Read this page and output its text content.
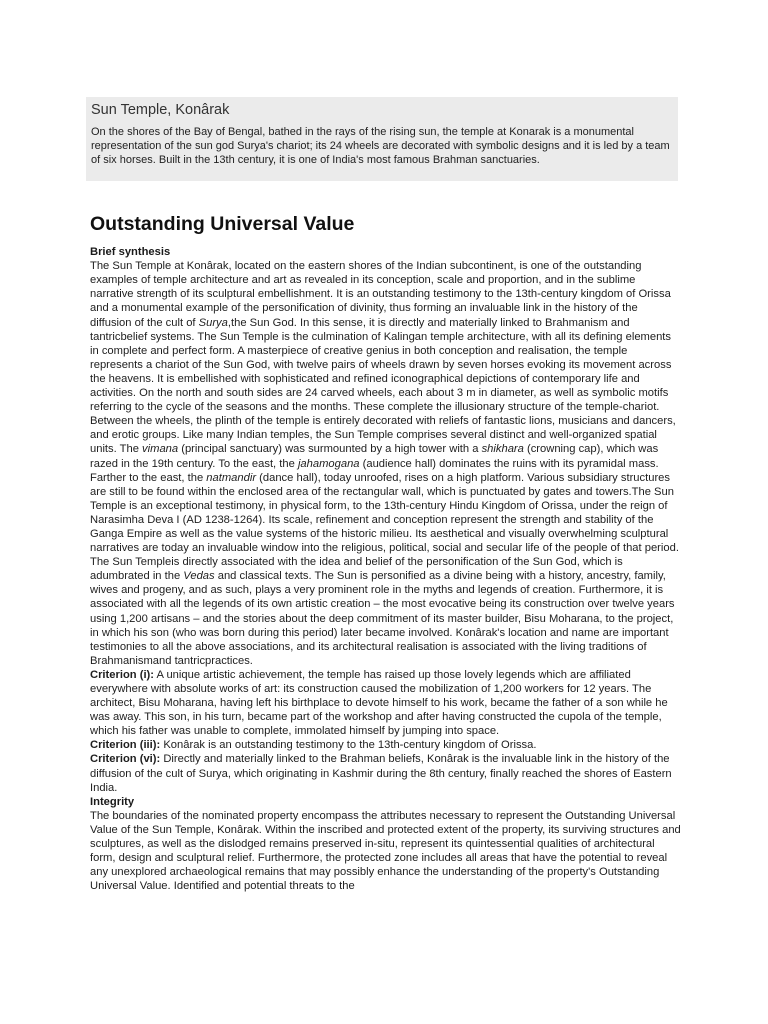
Sun Temple, Konârak

On the shores of the Bay of Bengal, bathed in the rays of the rising sun, the temple at Konarak is a monumental representation of the sun god Surya's chariot; its 24 wheels are decorated with symbolic designs and it is led by a team of six horses. Built in the 13th century, it is one of India's most famous Brahman sanctuaries.

Outstanding Universal Value

Brief synthesis

The Sun Temple at Konârak, located on the eastern shores of the Indian subcontinent, is one of the outstanding examples of temple architecture and art as revealed in its conception, scale and proportion, and in the sublime narrative strength of its sculptural embellishment. It is an outstanding testimony to the 13th-century kingdom of Orissa and a monumental example of the personification of divinity, thus forming an invaluable link in the history of the diffusion of the cult of Surya,the Sun God. In this sense, it is directly and materially linked to Brahmanism and tantricbelief systems. The Sun Temple is the culmination of Kalingan temple architecture, with all its defining elements in complete and perfect form. A masterpiece of creative genius in both conception and realisation, the temple represents a chariot of the Sun God, with twelve pairs of wheels drawn by seven horses evoking its movement across the heavens. It is embellished with sophisticated and refined iconographical depictions of contemporary life and activities. On the north and south sides are 24 carved wheels, each about 3 m in diameter, as well as symbolic motifs referring to the cycle of the seasons and the months. These complete the illusionary structure of the temple-chariot. Between the wheels, the plinth of the temple is entirely decorated with reliefs of fantastic lions, musicians and dancers, and erotic groups. Like many Indian temples, the Sun Temple comprises several distinct and well-organized spatial units. The vimana (principal sanctuary) was surmounted by a high tower with a shikhara (crowning cap), which was razed in the 19th century. To the east, the jahamogana (audience hall) dominates the ruins with its pyramidal mass. Farther to the east, the natmandir (dance hall), today unroofed, rises on a high platform. Various subsidiary structures are still to be found within the enclosed area of the rectangular wall, which is punctuated by gates and towers.The Sun Temple is an exceptional testimony, in physical form, to the 13th-century Hindu Kingdom of Orissa, under the reign of Narasimha Deva I (AD 1238-1264). Its scale, refinement and conception represent the strength and stability of the Ganga Empire as well as the value systems of the historic milieu. Its aesthetical and visually overwhelming sculptural narratives are today an invaluable window into the religious, political, social and secular life of the people of that period. The Sun Templeis directly associated with the idea and belief of the personification of the Sun God, which is adumbrated in the Vedas and classical texts. The Sun is personified as a divine being with a history, ancestry, family, wives and progeny, and as such, plays a very prominent role in the myths and legends of creation. Furthermore, it is associated with all the legends of its own artistic creation – the most evocative being its construction over twelve years using 1,200 artisans – and the stories about the deep commitment of its master builder, Bisu Moharana, to the project, in which his son (who was born during this period) later became involved. Konârak's location and name are important testimonies to all the above associations, and its architectural realisation is associated with the living traditions of Brahmanismand tantricpractices.

Criterion (i): A unique artistic achievement, the temple has raised up those lovely legends which are affiliated everywhere with absolute works of art: its construction caused the mobilization of 1,200 workers for 12 years. The architect, Bisu Moharana, having left his birthplace to devote himself to his work, became the father of a son while he was away. This son, in his turn, became part of the workshop and after having constructed the cupola of the temple, which his father was unable to complete, immolated himself by jumping into space.

Criterion (iii): Konârak is an outstanding testimony to the 13th-century kingdom of Orissa.

Criterion (vi): Directly and materially linked to the Brahman beliefs, Konârak is the invaluable link in the history of the diffusion of the cult of Surya, which originating in Kashmir during the 8th century, finally reached the shores of Eastern India.

Integrity

The boundaries of the nominated property encompass the attributes necessary to represent the Outstanding Universal Value of the Sun Temple, Konârak. Within the inscribed and protected extent of the property, its surviving structures and sculptures, as well as the dislodged remains preserved in-situ, represent its quintessential qualities of architectural form, design and sculptural relief. Furthermore, the protected zone includes all areas that have the potential to reveal any unexplored archaeological remains that may possibly enhance the understanding of the property's Outstanding Universal Value. Identified and potential threats to the
